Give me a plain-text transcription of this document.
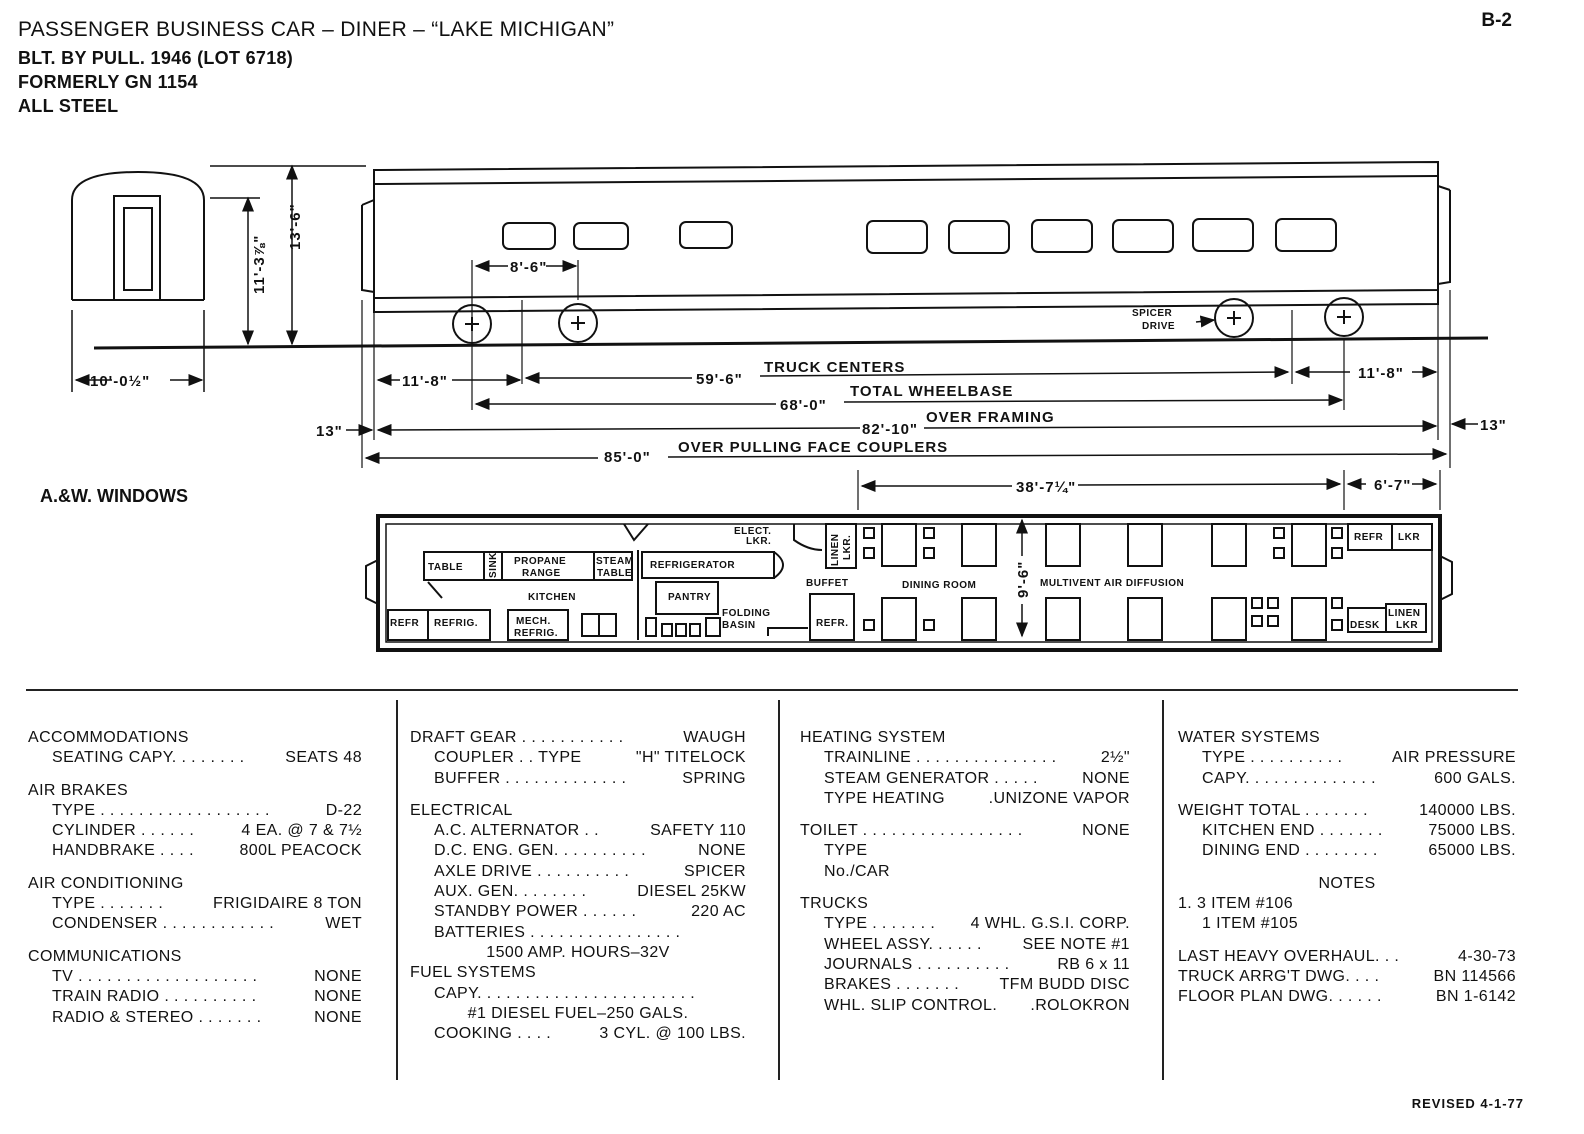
PASSENGER BUSINESS CAR – DINER – “LAKE MICHIGAN”
BLT. BY PULL. 1946 (LOT 6718)
FORMERLY GN 1154
ALL STEEL
B-2
10'-0½"
11'-3⅞"
13'-6"
8'-6"
SPICER
DRIVE
11'-8"	11'-8"
59'-6"
TRUCK CENTERS
68'-0"
TOTAL WHEELBASE
82'-10"
OVER FRAMING
85'-0"
OVER PULLING FACE COUPLERS
13"	13"
38'-7¼"	6'-7"
9'-6"
TABLE SINK PROPANE
RANGE
STEAM
TABLE
KITCHEN
REFR REFRIG.	MECH.
REFRIG.
REFRIGERATOR
PANTRY
FOLDING
BASIN
ELECT.
LKR.	LINEN LKR.
BUFFET
REFR.
DINING ROOM	MULTIVENT AIR DIFFUSION
REFR LKR
DESK
LINEN
LKR
A.&W. WINDOWS
ACCOMMODATIONS
SEATING CAPY. . . . . . . .	SEATS 48
AIR BRAKES
TYPE . . . . . . . . . . . . . . . . . .	D-22
CYLINDER . . . . . .	4 EA. @ 7 & 7½
HANDBRAKE . . . .	800L PEACOCK
AIR CONDITIONING
TYPE . . . . . . .	FRIGIDAIRE 8 TON
CONDENSER . . . . . . . . . . . .	WET
COMMUNICATIONS
TV . . . . . . . . . . . . . . . . . . .	NONE
TRAIN RADIO . . . . . . . . . .	NONE
RADIO & STEREO . . . . . . .	NONE
DRAFT GEAR . . . . . . . . . . .	WAUGH
COUPLER . . TYPE	"H" TITELOCK
BUFFER . . . . . . . . . . . . .	SPRING
ELECTRICAL
A.C. ALTERNATOR . .	SAFETY 110
D.C. ENG. GEN. . . . . . . . . .	NONE
AXLE DRIVE . . . . . . . . . .	SPICER
AUX. GEN. . . . . . . .	DIESEL 25KW
STANDBY POWER . . . . . .	220 AC
BATTERIES . . . . . . . . . . . . . . . .
1500 AMP. HOURS–32V
FUEL SYSTEMS
CAPY. . . . . . . . . . . . . . . . . . . . . . .
#1 DIESEL FUEL–250 GALS.
COOKING . . . .	3 CYL. @ 100 LBS.
HEATING SYSTEM
TRAINLINE . . . . . . . . . . . . . . .	2½"
STEAM GENERATOR . . . . .	NONE
TYPE HEATING	.UNIZONE VAPOR
TOILET . . . . . . . . . . . . . . . . .	NONE
TYPE
No./CAR
TRUCKS
TYPE . . . . . . . 4 WHL. G.S.I. CORP.
WHEEL ASSY. . . . . .	SEE NOTE #1
JOURNALS . . . . . . . . . .	RB 6 x 11
BRAKES . . . . . . .	TFM BUDD DISC
WHL. SLIP CONTROL. .ROLOKRON
WATER SYSTEMS
TYPE . . . . . . . . . .	AIR PRESSURE
CAPY. . . . . . . . . . . . . .	600 GALS.
WEIGHT TOTAL . . . . . . .	140000 LBS.
KITCHEN END . . . . . . .	75000 LBS.
DINING END . . . . . . . .	65000 LBS.
NOTES
1. 3 ITEM #106
1 ITEM #105
LAST HEAVY OVERHAUL. . .	4-30-73
TRUCK ARRG'T DWG. . . .	BN 114566
FLOOR PLAN DWG. . . . . .	BN 1-6142
REVISED 4-1-77
